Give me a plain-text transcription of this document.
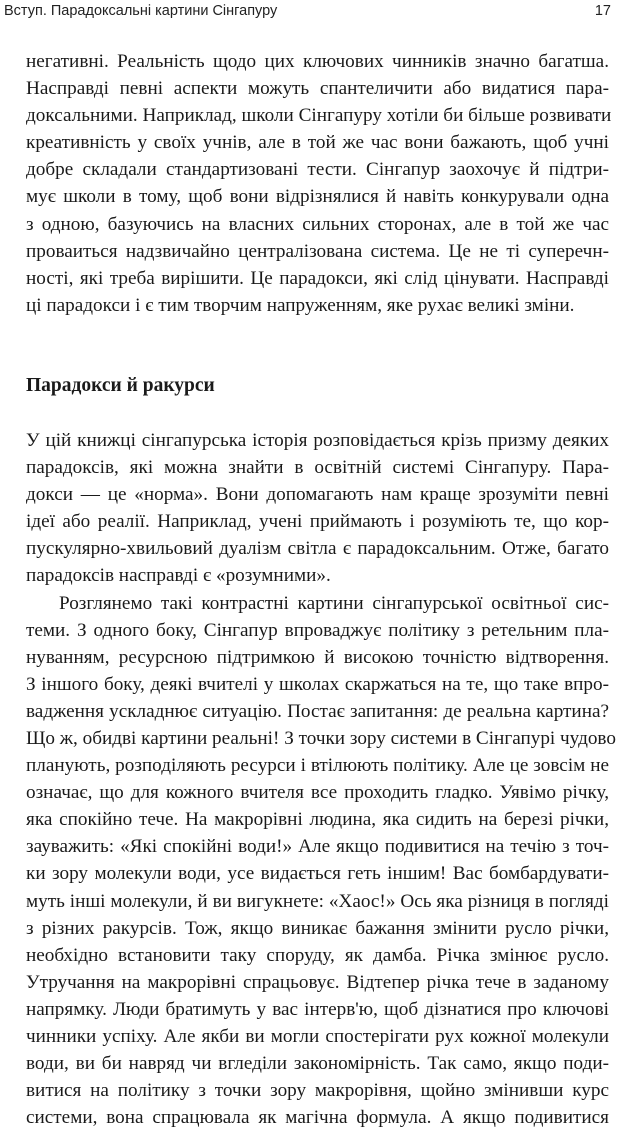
Вступ. Парадоксальні картини Сінгапуру	17

негативні. Реальність щодо цих ключових чинників значно багатша.
Насправді певні аспекти можуть спантеличити або видатися пара-
доксальними. Наприклад, школи Сінгапуру хотіли би більше розвивати
креативність у своїх учнів, але в той же час вони бажають, щоб учні
добре складали стандартизовані тести. Сінгапур заохочує й підтри-
мує школи в тому, щоб вони відрізнялися й навіть конкурували одна
з одною, базуючись на власних сильних сторонах, але в той же час
проваиться надзвичайно централізована система. Це не ті суперечн-
ності, які треба вирішити. Це парадокси, які слід цінувати. Насправді
ці парадокси і є тим творчим напруженням, яке рухає великі зміни.

Парадокси й ракурси

У цій книжці сінгапурська історія розповідається крізь призму деяких
парадоксів, які можна знайти в освітній системі Сінгапуру. Пара-
докси — це «норма». Вони допомагають нам краще зрозуміти певні
ідеї або реалії. Наприклад, учені приймають і розуміють те, що кор-
пускулярно-хвильовий дуалізм світла є парадоксальним. Отже, багато
парадоксів насправді є «розумними».

Розглянемо такі контрастні картини сінгапурської освітньої сис-
теми. З одного боку, Сінгапур впроваджує політику з ретельним пла-
нуванням, ресурсною підтримкою й високою точністю відтворення.
З іншого боку, деякі вчителі у школах скаржаться на те, що таке впро-
вадження ускладнює ситуацію. Постає запитання: де реальна картина?
Що ж, обидві картини реальні! З точки зору системи в Сінгапурі чудово
планують, розподіляють ресурси і втілюють політику. Але це зовсім не
означає, що для кожного вчителя все проходить гладко. Уявімо річку,
яка спокійно тече. На макрорівні людина, яка сидить на березі річки,
зауважить: «Які спокійні води!» Але якщо подивитися на течію з точ-
ки зору молекули води, усе видається геть іншим! Вас бомбардувати-
муть інші молекули, й ви вигукнете: «Хаос!» Ось яка різниця в погляді
з різних ракурсів. Тож, якщо виникає бажання змінити русло річки,
необхідно встановити таку споруду, як дамба. Річка змінює русло.
Утручання на макрорівні спрацьовує. Відтепер річка тече в заданому
напрямку. Люди братимуть у вас інтерв'ю, щоб дізнатися про ключові
чинники успіху. Але якби ви могли спостерігати рух кожної молекули
води, ви би навряд чи вгледіли закономірність. Так само, якщо поди-
витися на політику з точки зору макрорівня, щойно змінивши курс
системи, вона спрацювала як магічна формула. А якщо подивитися
